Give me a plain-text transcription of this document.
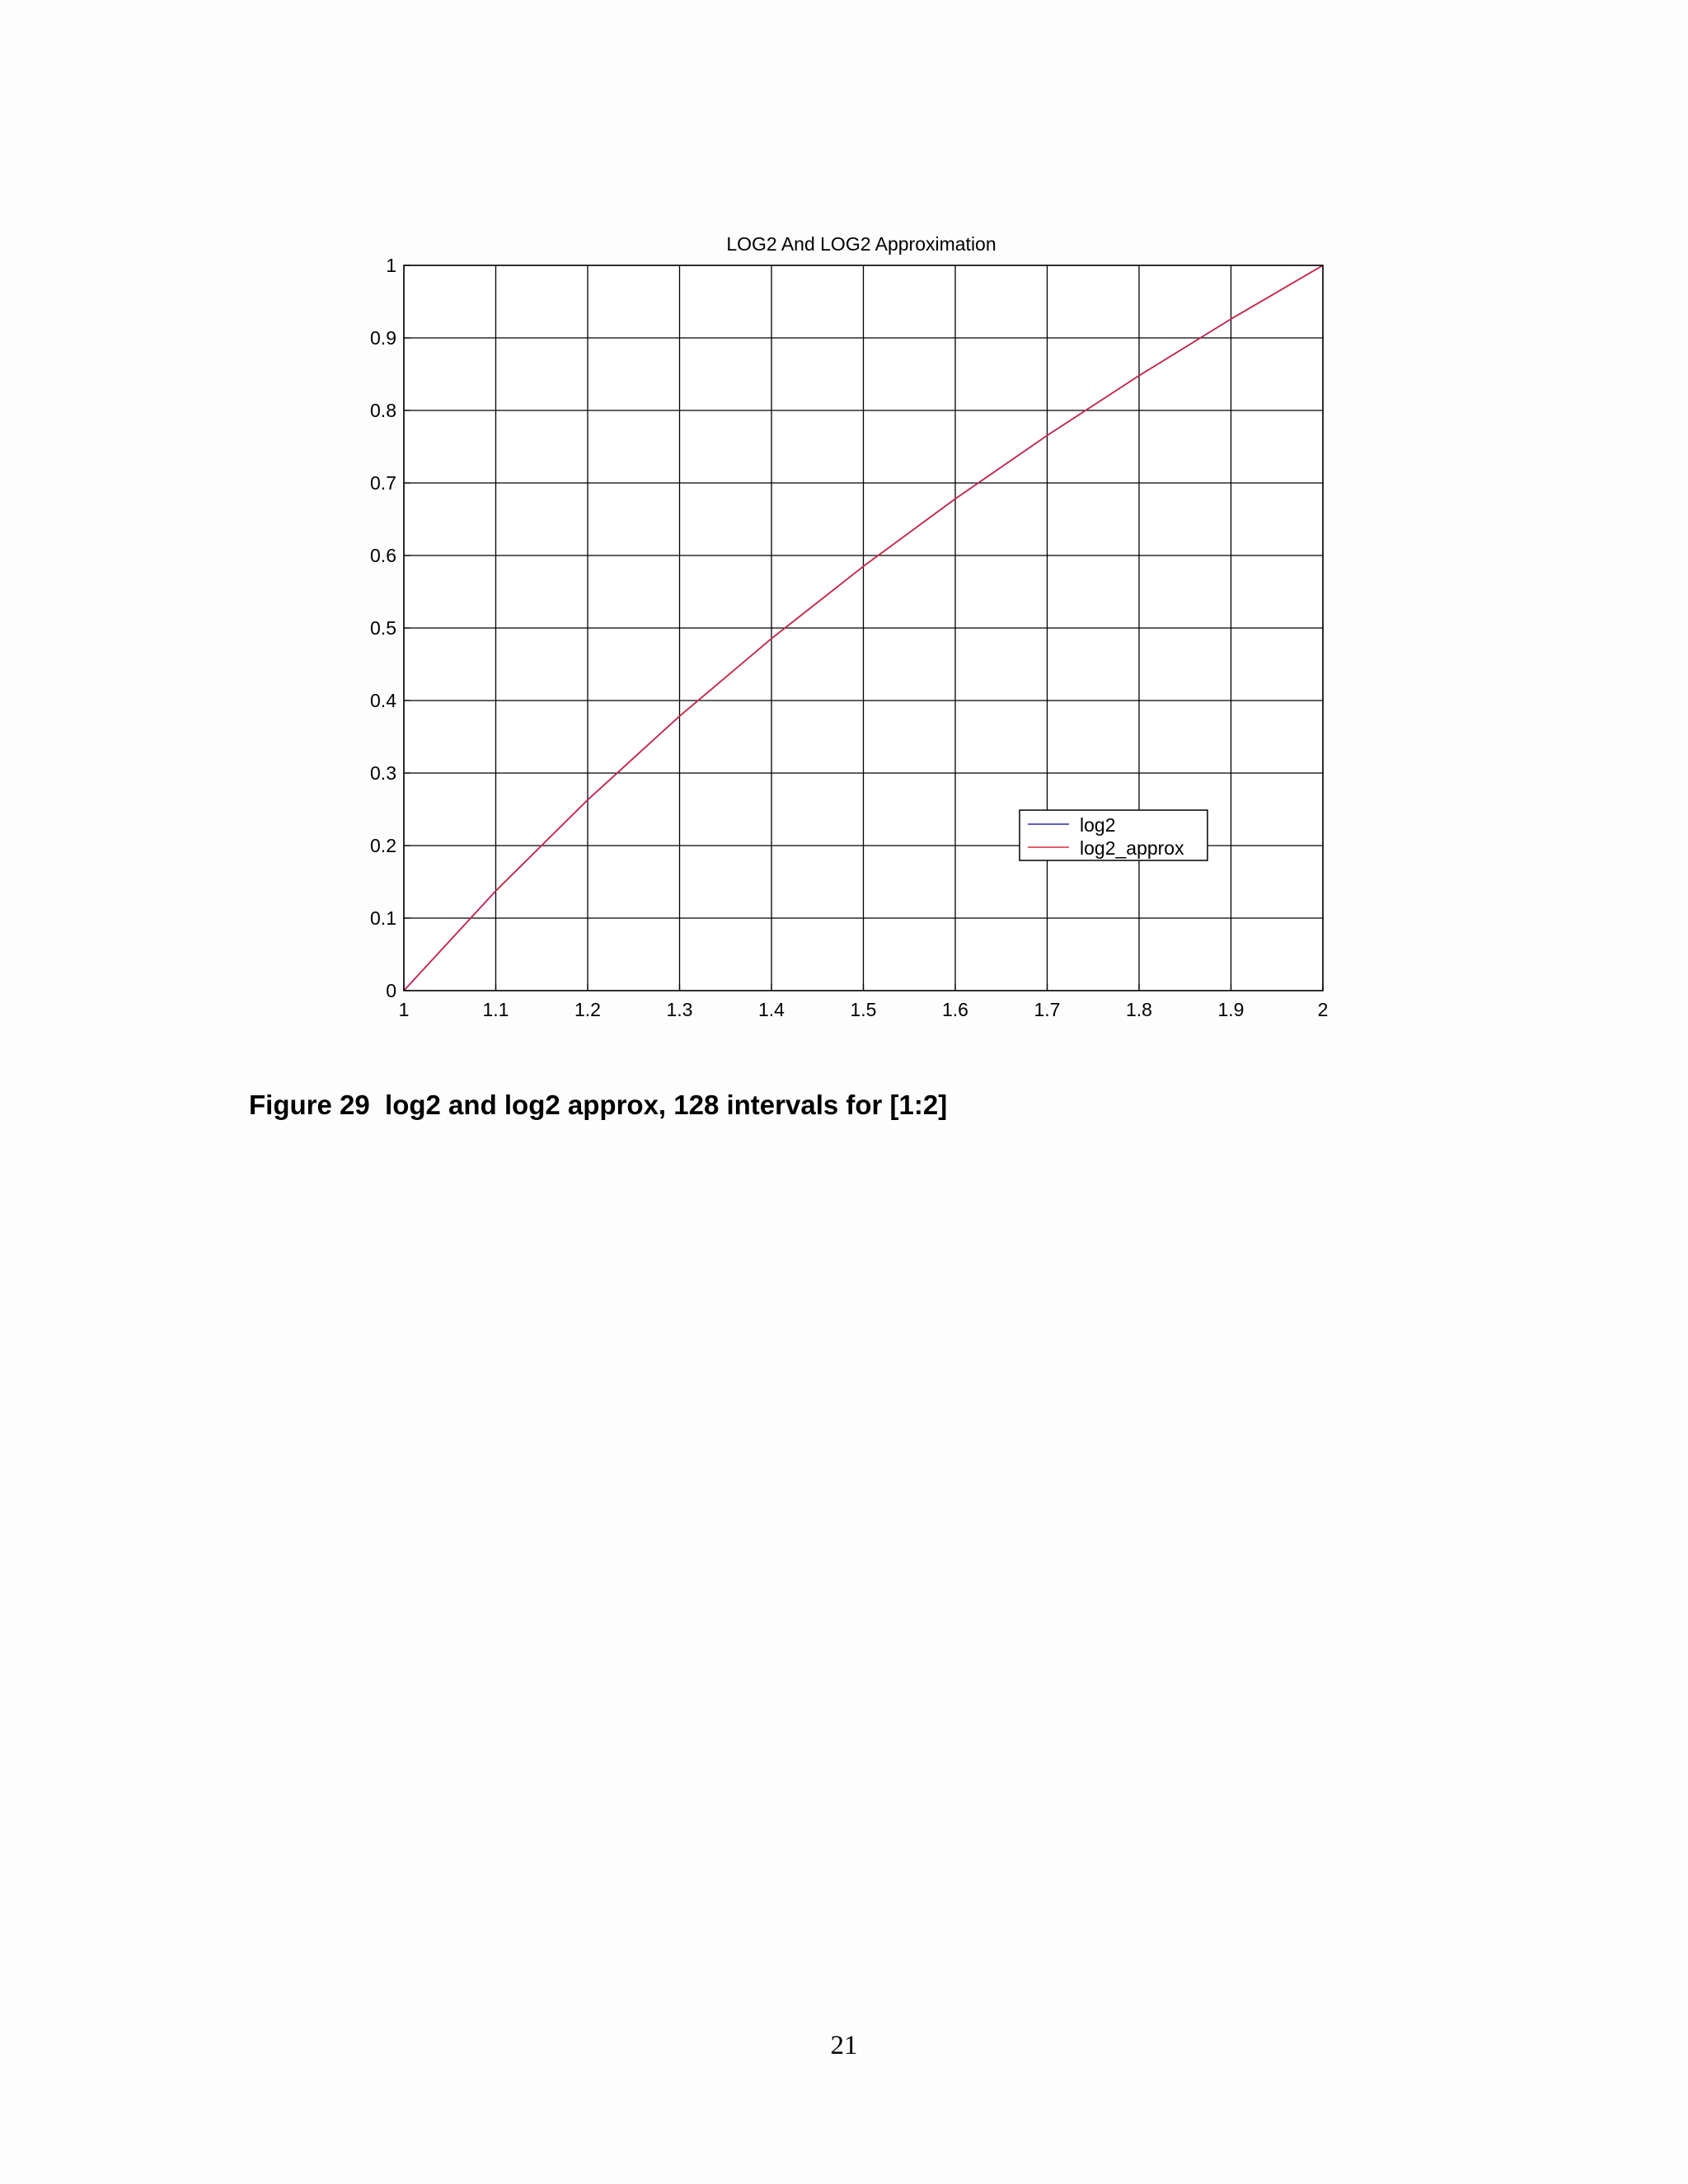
1	1.1	1.2	1.3	1.4	1.5	1.6	1.7	1.8	1.9	2
0
0.1
0.2
0.3
0.4
0.5
0.6
0.7
0.8
0.9
1
LOG2 And LOG2 Approximation
log2
log2_approx
Figure 29  log2 and log2 approx, 128 intervals for [1:2]
21
